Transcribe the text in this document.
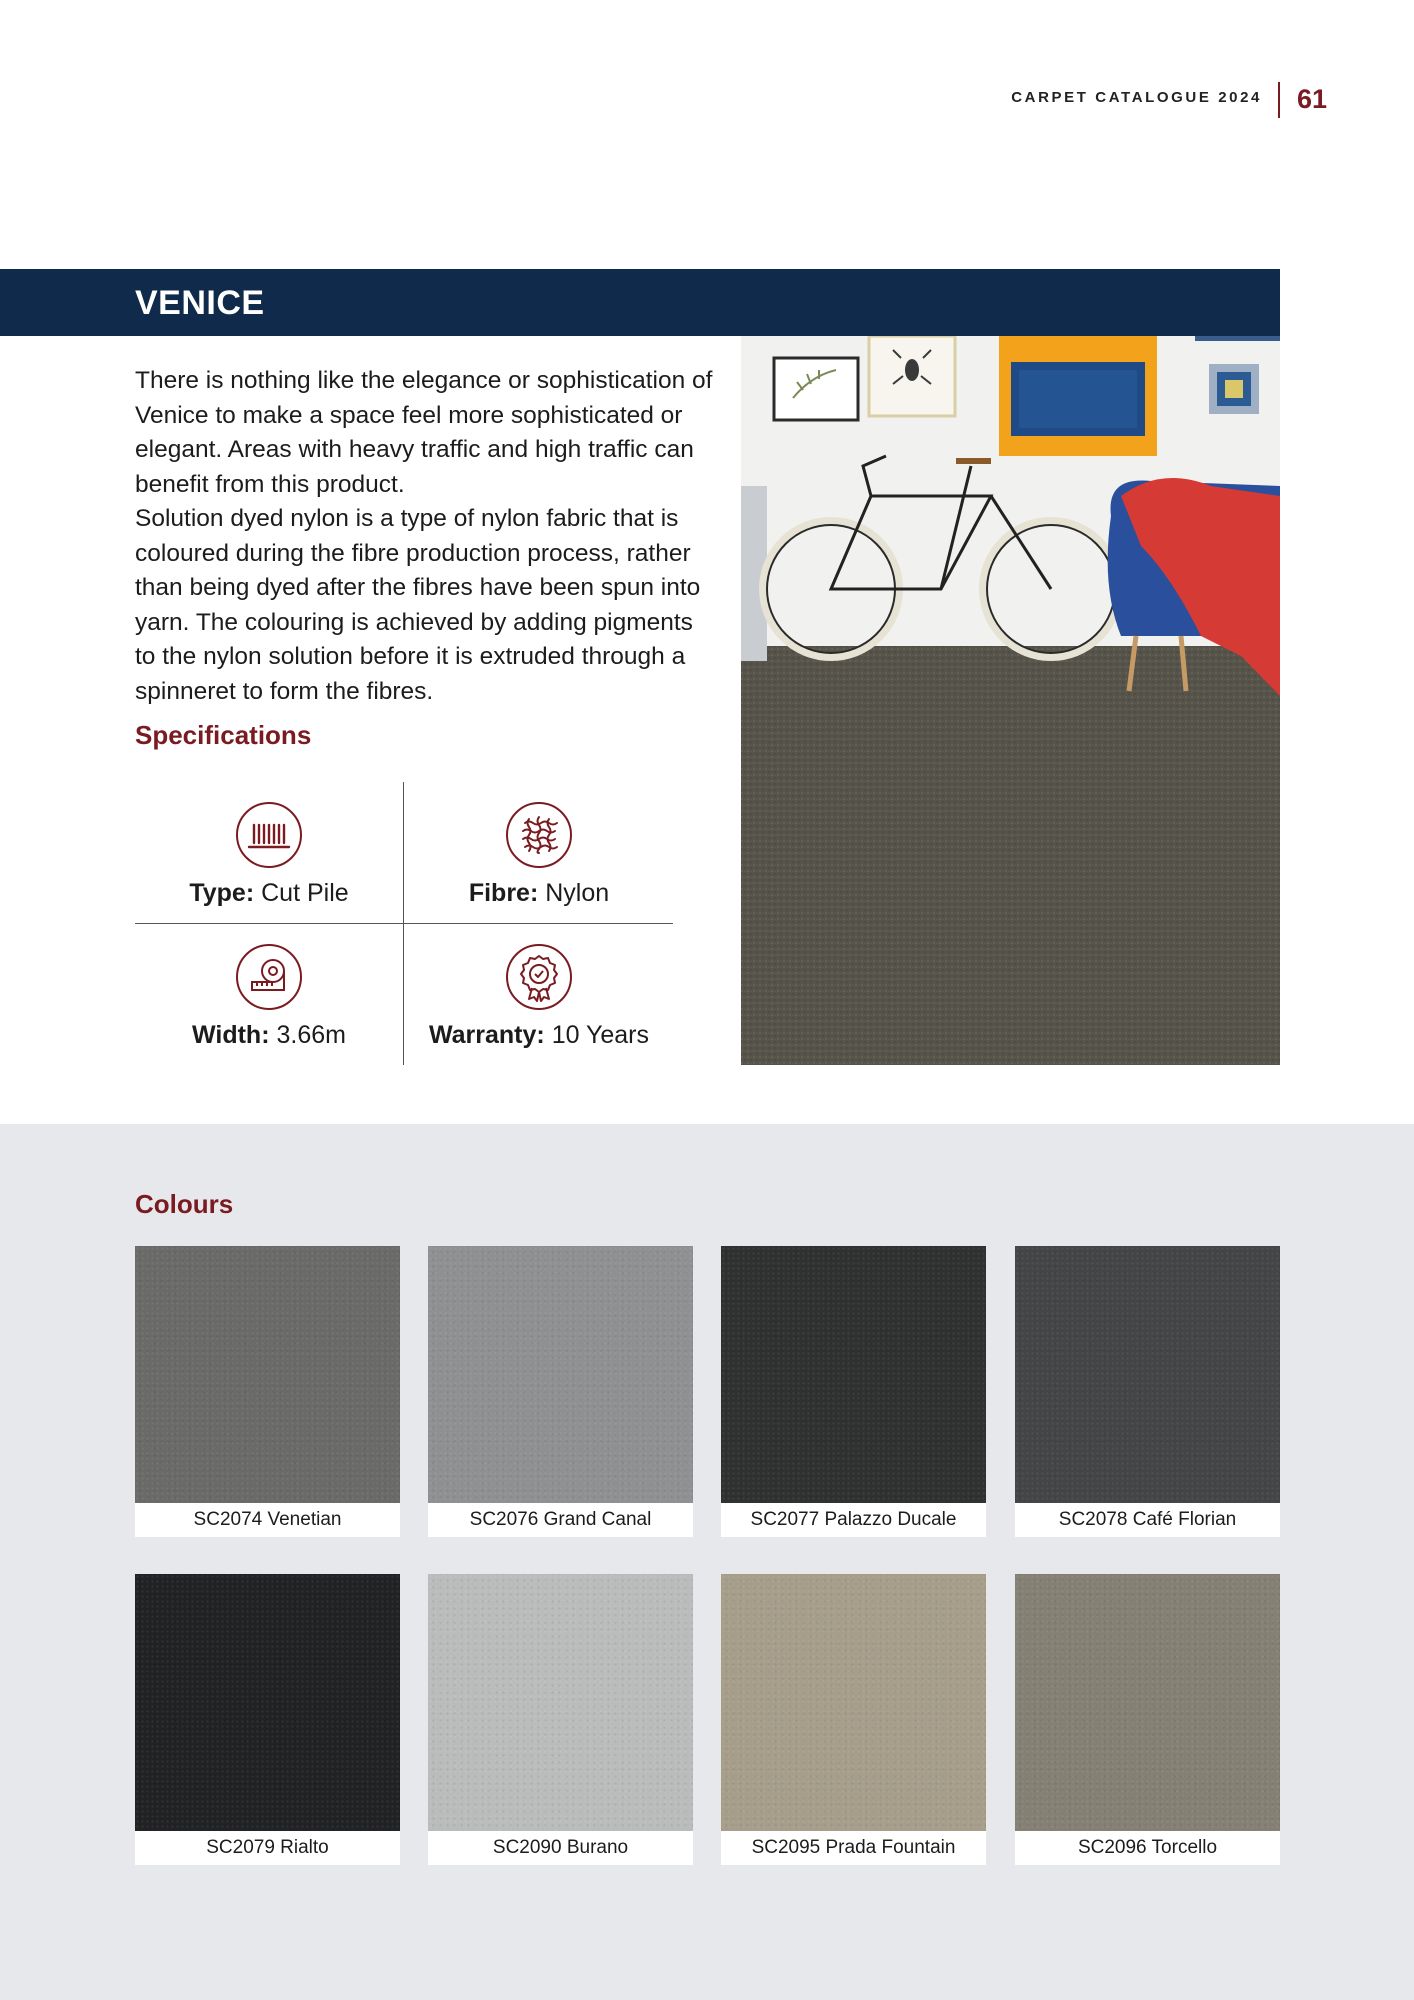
CARPET CATALOGUE 2024 61
VENICE

There is nothing like the elegance or sophistication of Venice to make a space feel more sophisticated or elegant. Areas with heavy traffic and high traffic can benefit from this product.

Solution dyed nylon is a type of nylon fabric that is coloured during the fibre production process, rather than being dyed after the fibres have been spun into yarn. The colouring is achieved by adding pigments to the nylon solution before it is extruded through a spinneret to form the fibres.

Specifications
Type: Cut Pile	Fibre: Nylon
Width: 3.66m	Warranty: 10 Years
Colours
SC2074 Venetian	SC2076 Grand Canal	SC2077 Palazzo Ducale	SC2078 Café Florian
SC2079 Rialto	SC2090 Burano	SC2095 Prada Fountain	SC2096 Torcello
